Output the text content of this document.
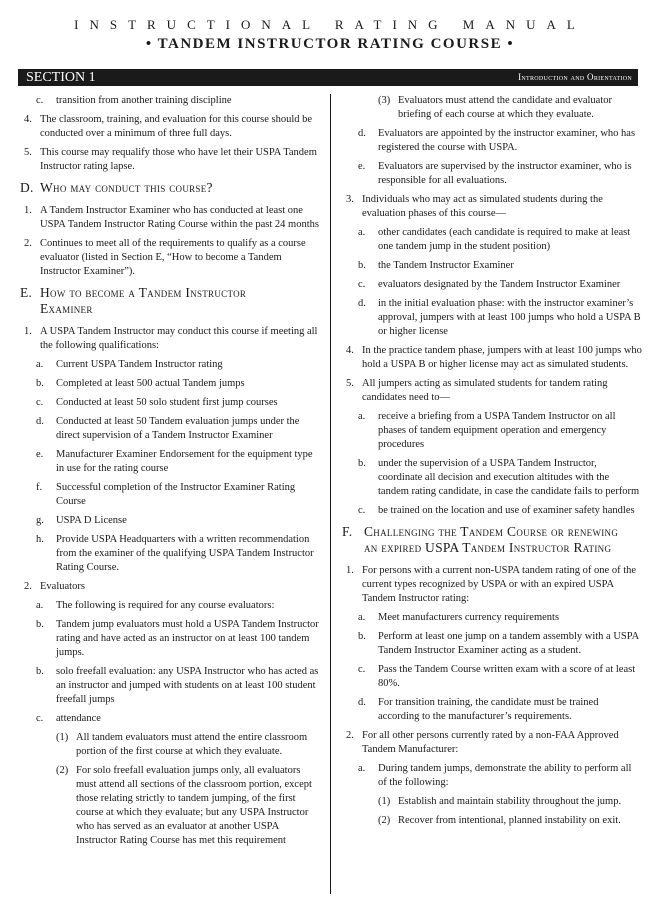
INSTRUCTIONAL RATING MANUAL
• TANDEM INSTRUCTOR RATING COURSE •
SECTION 1	Introduction and Orientation
c. transition from another training discipline
4. The classroom, training, and evaluation for this course should be conducted over a minimum of three full days.
5. This course may requalify those who have let their USPA Tandem Instructor rating lapse.
D. Who may conduct this course?
1. A Tandem Instructor Examiner who has conducted at least one USPA Tandem Instructor Rating Course within the past 24 months
2. Continues to meet all of the requirements to qualify as a course evaluator (listed in Section E, “How to become a Tandem Instructor Examiner”).
E. How to become a Tandem Instructor Examiner
1. A USPA Tandem Instructor may conduct this course if meeting all the following qualifications:
a. Current USPA Tandem Instructor rating
b. Completed at least 500 actual Tandem jumps
c. Conducted at least 50 solo student first jump courses
d. Conducted at least 50 Tandem evaluation jumps under the direct supervision of a Tandem Instructor Examiner
e. Manufacturer Examiner Endorsement for the equipment type in use for the rating course
f. Successful completion of the Instructor Examiner Rating Course
g. USPA D License
h. Provide USPA Headquarters with a written recommendation from the examiner of the qualifying USPA Tandem Instructor Rating Course.
2. Evaluators
a. The following is required for any course evaluators:
b. Tandem jump evaluators must hold a USPA Tandem Instructor rating and have acted as an instructor on at least 100 tandem jumps.
b. solo freefall evaluation: any USPA Instructor who has acted as an instructor and jumped with students on at least 100 student freefall jumps
c. attendance
(1) All tandem evaluators must attend the entire classroom portion of the first course at which they evaluate.
(2) For solo freefall evaluation jumps only, all evaluators must attend all sections of the classroom portion, except those relating strictly to tandem jumping, of the first course at which they evaluate; but any USPA Instructor who has served as an evaluator at another USPA Instructor Rating Course has met this requirement
(3) Evaluators must attend the candidate and evaluator briefing of each course at which they evaluate.
d. Evaluators are appointed by the instructor examiner, who has registered the course with USPA.
e. Evaluators are supervised by the instructor examiner, who is responsible for all evaluations.
3. Individuals who may act as simulated students during the evaluation phases of this course—
a. other candidates (each candidate is required to make at least one tandem jump in the student position)
b. the Tandem Instructor Examiner
c. evaluators designated by the Tandem Instructor Examiner
d. in the initial evaluation phase: with the instructor examiner’s approval, jumpers with at least 100 jumps who hold a USPA B or higher license
4. In the practice tandem phase, jumpers with at least 100 jumps who hold a USPA B or higher license may act as simulated students.
5. All jumpers acting as simulated students for tandem rating candidates need to—
a. receive a briefing from a USPA Tandem Instructor on all phases of tandem equipment operation and emergency procedures
b. under the supervision of a USPA Tandem Instructor, coordinate all decision and execution altitudes with the tandem rating candidate, in case the candidate fails to perform
c. be trained on the location and use of examiner safety handles
F. Challenging the Tandem Course or renewing an expired USPA Tandem Instructor Rating
1. For persons with a current non-USPA tandem rating of one of the current types recognized by USPA or with an expired USPA Tandem Instructor rating:
a. Meet manufacturers currency requirements
b. Perform at least one jump on a tandem assembly with a USPA Tandem Instructor Examiner acting as a student.
c. Pass the Tandem Course written exam with a score of at least 80%.
d. For transition training, the candidate must be trained according to the manufacturer’s requirements.
2. For all other persons currently rated by a non-FAA Approved Tandem Manufacturer:
a. During tandem jumps, demonstrate the ability to perform all of the following:
(1) Establish and maintain stability throughout the jump.
(2) Recover from intentional, planned instability on exit.
